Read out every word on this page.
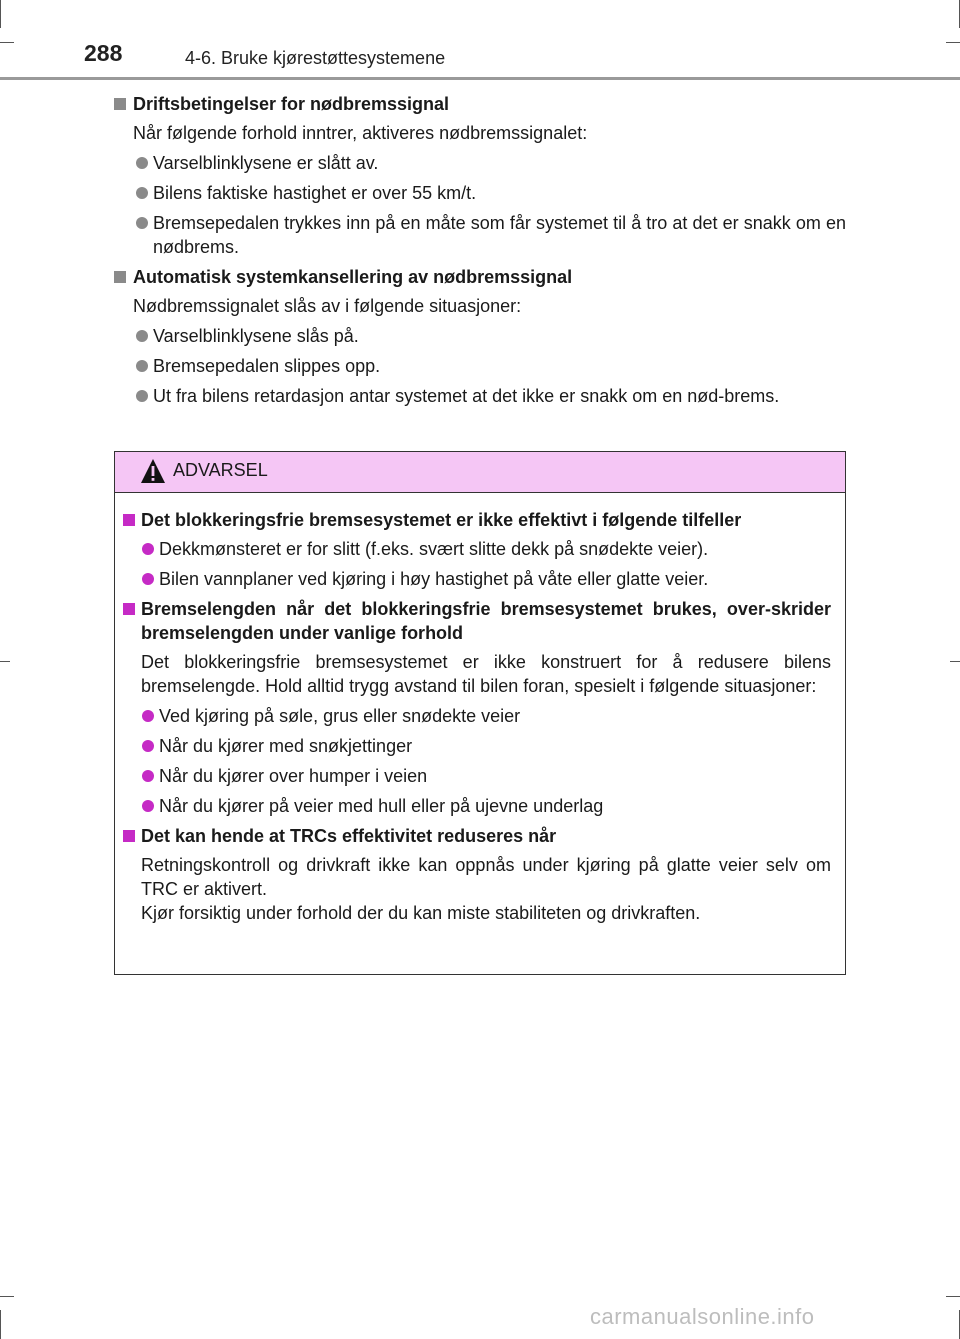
288	4-6. Bruke kjørestøttesystemene
Driftsbetingelser for nødbremssignal
Når følgende forhold inntrer, aktiveres nødbremssignalet:
Varselblinklysene er slått av.
Bilens faktiske hastighet er over 55 km/t.
Bremsepedalen trykkes inn på en måte som får systemet til å tro at det er snakk om en nødbrems.
Automatisk systemkansellering av nødbremssignal
Nødbremssignalet slås av i følgende situasjoner:
Varselblinklysene slås på.
Bremsepedalen slippes opp.
Ut fra bilens retardasjon antar systemet at det ikke er snakk om en nød-brems.
ADVARSEL
Det blokkeringsfrie bremsesystemet er ikke effektivt i følgende tilfeller
Dekkmønsteret er for slitt (f.eks. svært slitte dekk på snødekte veier).
Bilen vannplaner ved kjøring i høy hastighet på våte eller glatte veier.
Bremselengden når det blokkeringsfrie bremsesystemet brukes, over-skrider bremselengden under vanlige forhold
Det blokkeringsfrie bremsesystemet er ikke konstruert for å redusere bilens bremselengde. Hold alltid trygg avstand til bilen foran, spesielt i følgende situasjoner:
Ved kjøring på søle, grus eller snødekte veier
Når du kjører med snøkjettinger
Når du kjører over humper i veien
Når du kjører på veier med hull eller på ujevne underlag
Det kan hende at TRCs effektivitet reduseres når
Retningskontroll og drivkraft ikke kan oppnås under kjøring på glatte veier selv om TRC er aktivert.
Kjør forsiktig under forhold der du kan miste stabiliteten og drivkraften.
carmanualsonline.info
